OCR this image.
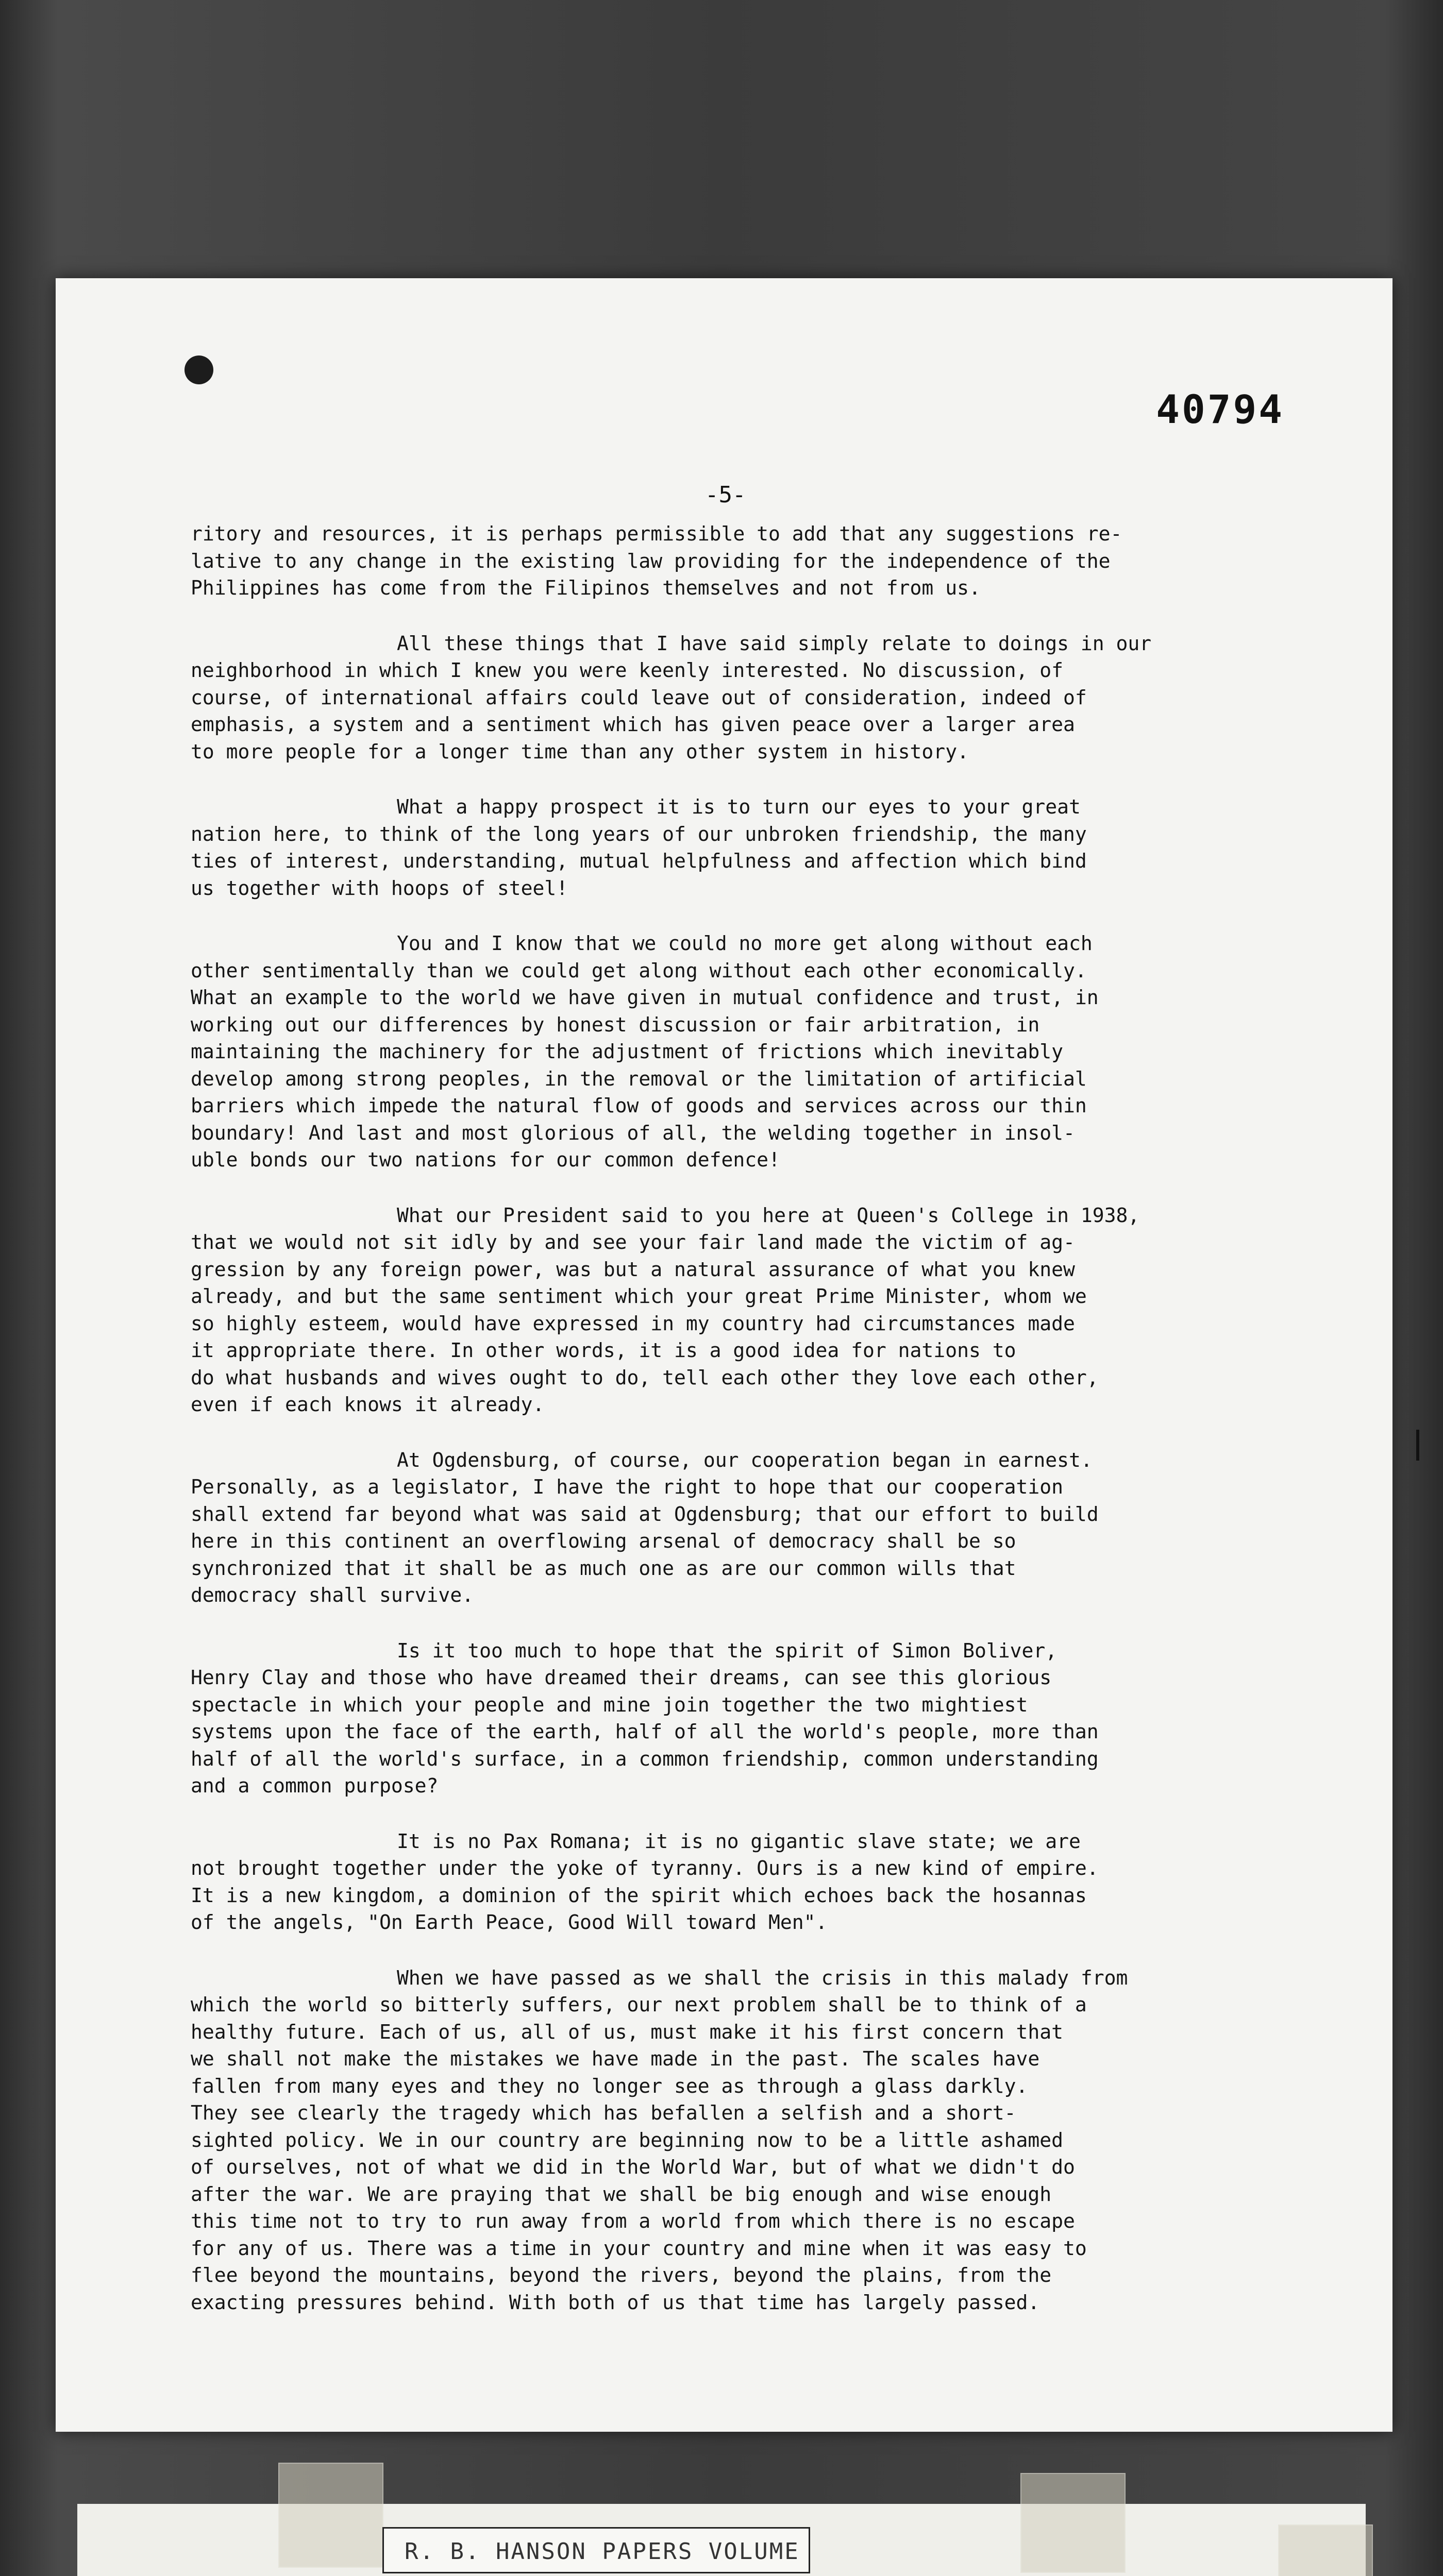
40794
-5-

ritory and resources, it is perhaps permissible to add that any suggestions re-
lative to any change in the existing law providing for the independence of the
Philippines has come from the Filipinos themselves and not from us.

All these things that I have said simply relate to doings in our
neighborhood in which I knew you were keenly interested. No discussion, of
course, of international affairs could leave out of consideration, indeed of
emphasis, a system and a sentiment which has given peace over a larger area
to more people for a longer time than any other system in history.

What a happy prospect it is to turn our eyes to your great
nation here, to think of the long years of our unbroken friendship, the many
ties of interest, understanding, mutual helpfulness and affection which bind
us together with hoops of steel!

You and I know that we could no more get along without each
other sentimentally than we could get along without each other economically.
What an example to the world we have given in mutual confidence and trust, in
working out our differences by honest discussion or fair arbitration, in
maintaining the machinery for the adjustment of frictions which inevitably
develop among strong peoples, in the removal or the limitation of artificial
barriers which impede the natural flow of goods and services across our thin
boundary! And last and most glorious of all, the welding together in insol-
uble bonds our two nations for our common defence!

What our President said to you here at Queen's College in 1938,
that we would not sit idly by and see your fair land made the victim of ag-
gression by any foreign power, was but a natural assurance of what you knew
already, and but the same sentiment which your great Prime Minister, whom we
so highly esteem, would have expressed in my country had circumstances made
it appropriate there. In other words, it is a good idea for nations to
do what husbands and wives ought to do, tell each other they love each other,
even if each knows it already.

At Ogdensburg, of course, our cooperation began in earnest.
Personally, as a legislator, I have the right to hope that our cooperation
shall extend far beyond what was said at Ogdensburg; that our effort to build
here in this continent an overflowing arsenal of democracy shall be so
synchronized that it shall be as much one as are our common wills that
democracy shall survive.

Is it too much to hope that the spirit of Simon Boliver,
Henry Clay and those who have dreamed their dreams, can see this glorious
spectacle in which your people and mine join together the two mightiest
systems upon the face of the earth, half of all the world's people, more than
half of all the world's surface, in a common friendship, common understanding
and a common purpose?

It is no Pax Romana; it is no gigantic slave state; we are
not brought together under the yoke of tyranny. Ours is a new kind of empire.
It is a new kingdom, a dominion of the spirit which echoes back the hosannas
of the angels, "On Earth Peace, Good Will toward Men".

When we have passed as we shall the crisis in this malady from
which the world so bitterly suffers, our next problem shall be to think of a
healthy future. Each of us, all of us, must make it his first concern that
we shall not make the mistakes we have made in the past. The scales have
fallen from many eyes and they no longer see as through a glass darkly.
They see clearly the tragedy which has befallen a selfish and a short-
sighted policy. We in our country are beginning now to be a little ashamed
of ourselves, not of what we did in the World War, but of what we didn't do
after the war. We are praying that we shall be big enough and wise enough
this time not to try to run away from a world from which there is no escape
for any of us. There was a time in your country and mine when it was easy to
flee beyond the mountains, beyond the rivers, beyond the plains, from the
exacting pressures behind. With both of us that time has largely passed.

R. B. HANSON PAPERS VOLUME
